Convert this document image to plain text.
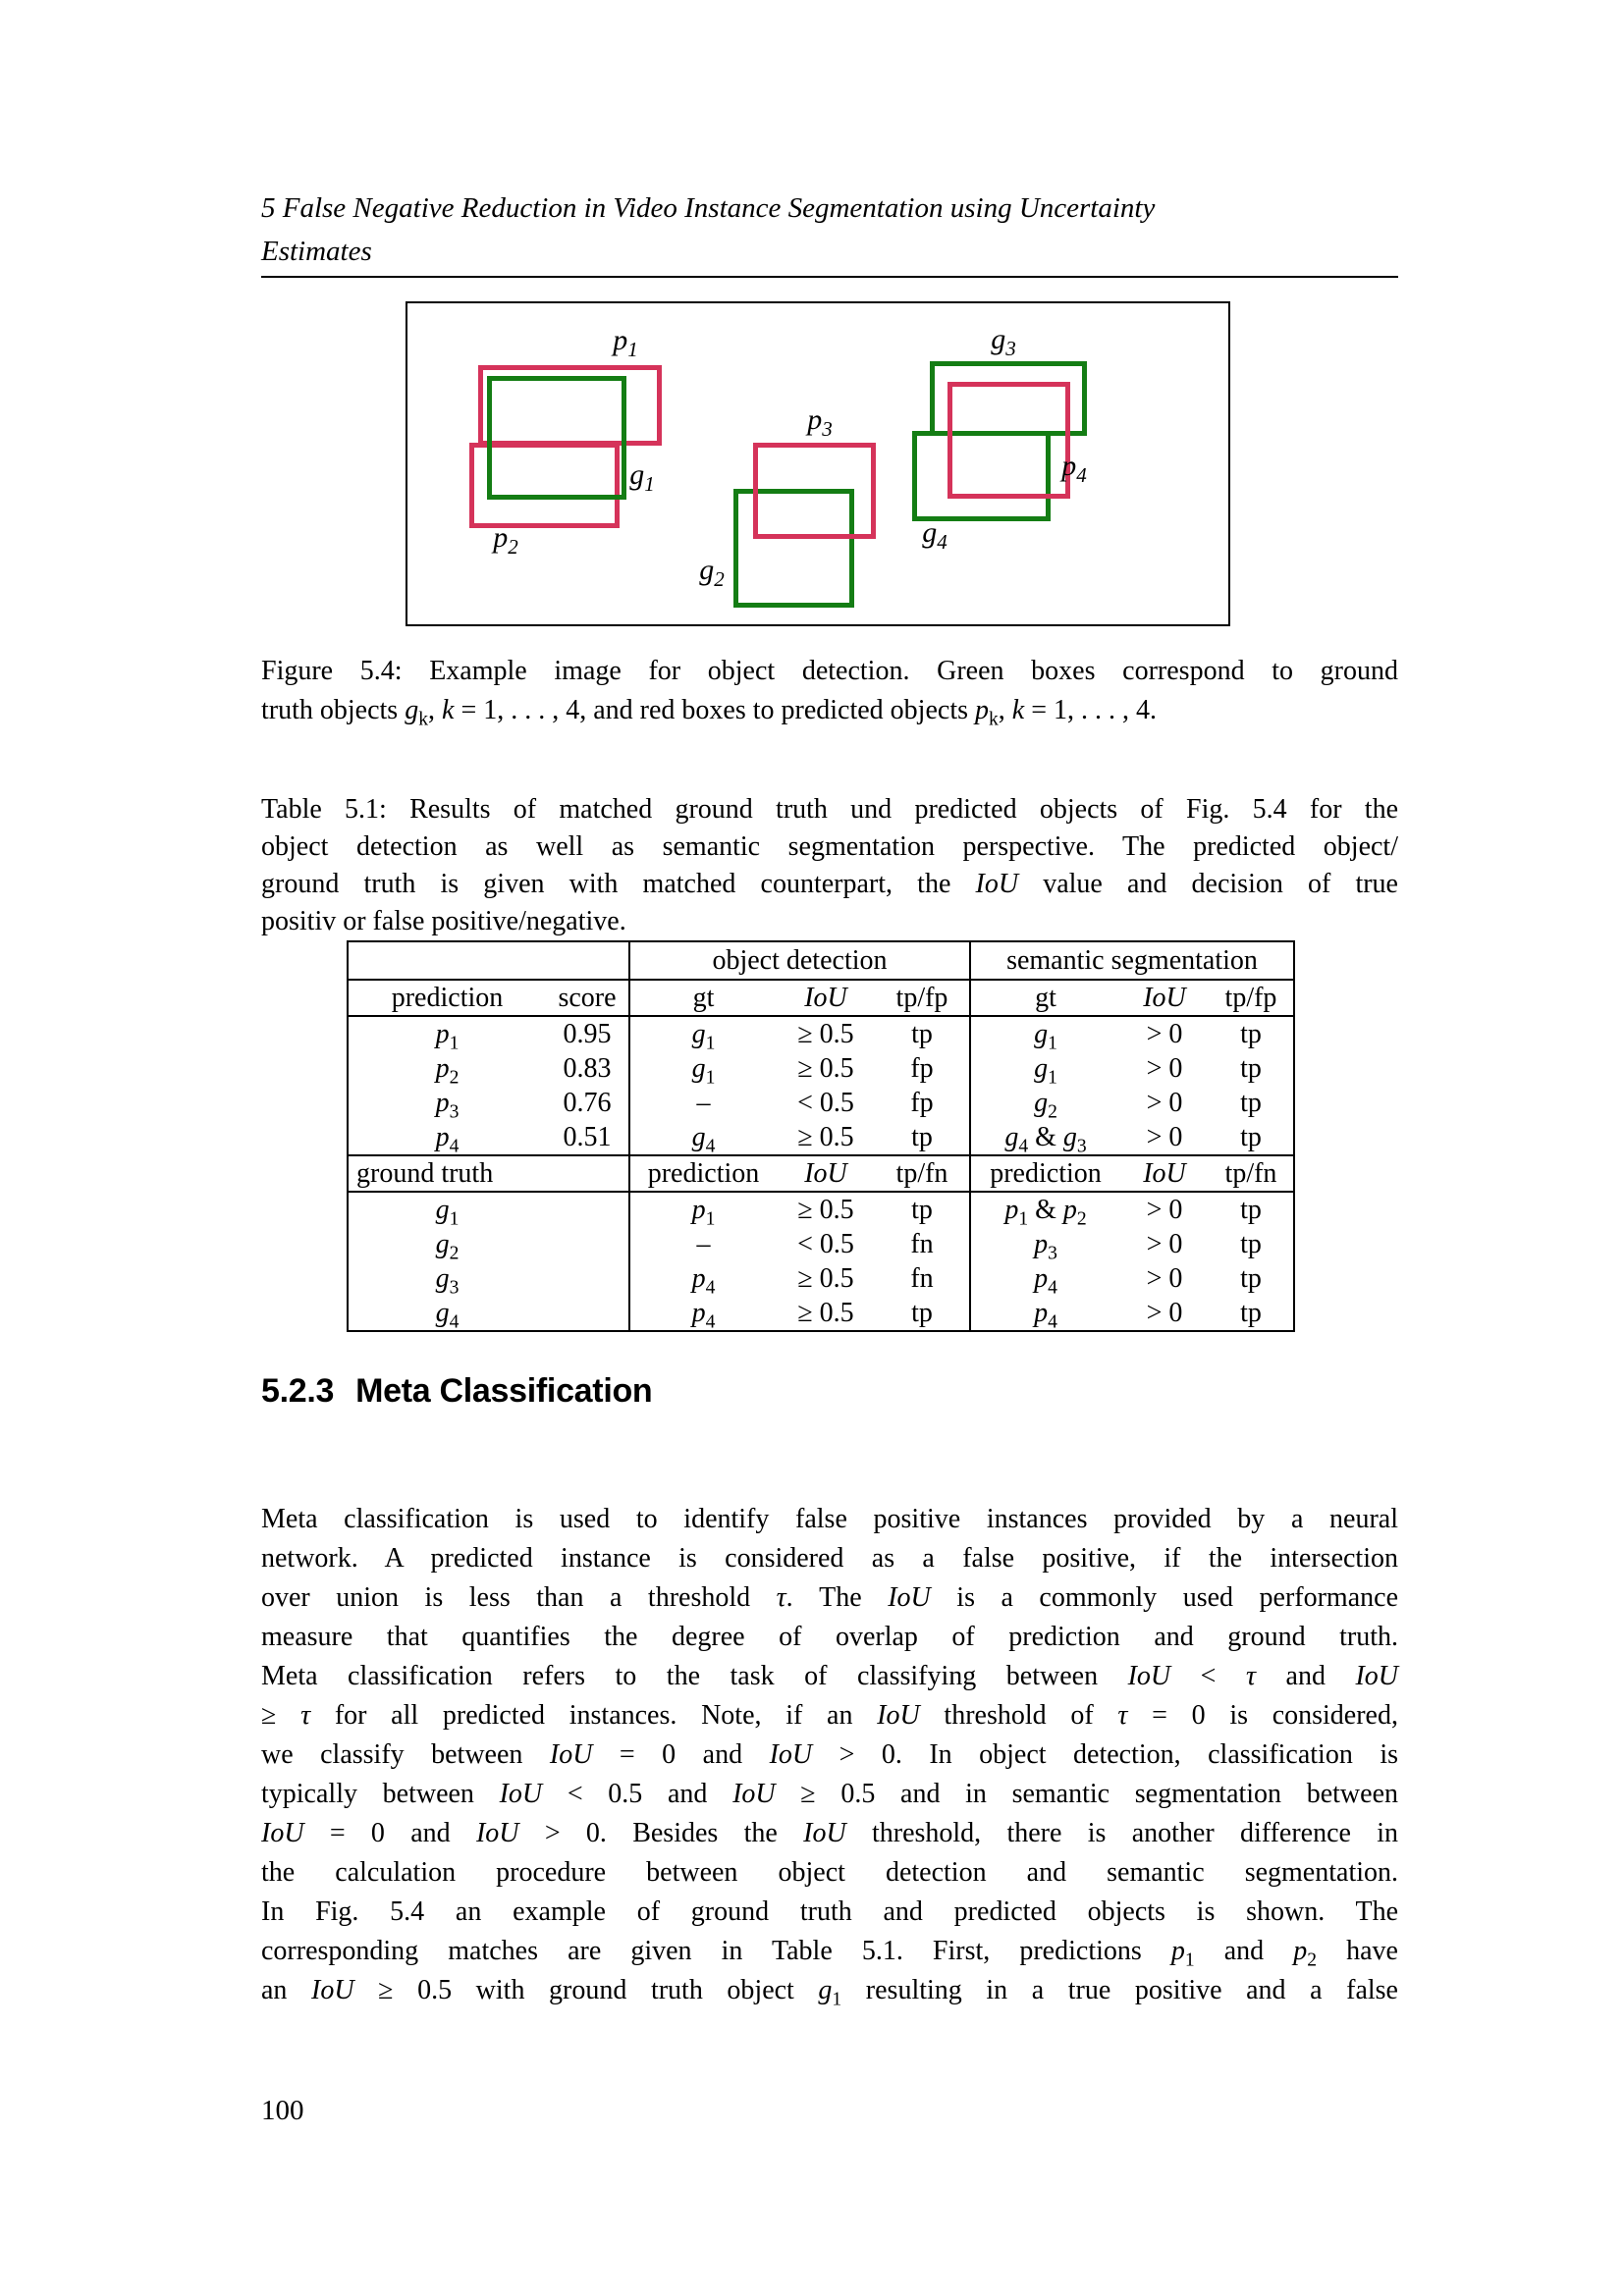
5 False Negative Reduction in Video Instance Segmentation using Uncertainty
Estimates
$p_1$
$g_1$
$p_2$
$p_3$
$g_2$
$g_3$
$p_4$
$g_4$
Figure 5.4: Example image for object detection. Green boxes correspond to ground
truth objects $g_k$, k = 1, . . . , 4, and red boxes to predicted objects $p_k$, k = 1, . . . , 4.
Table 5.1: Results of matched ground truth und predicted objects of Fig. 5.4 for the
object detection as well as semantic segmentation perspective. The predicted object/
ground truth is given with matched counterpart, the IoU value and decision of true
positiv or false positive/negative.
		object detection			semantic segmentation		
prediction	score	gt	IoU	tp/fp	gt	IoU	tp/fp
$p_1$	0.95	$g_1$	≥ 0.5	tp	$g_1$	> 0	tp
$p_2$	0.83	$g_1$	≥ 0.5	fp	$g_1$	> 0	tp
$p_3$	0.76	–	< 0.5	fp	$g_2$	> 0	tp
$p_4$	0.51	$g_4$	≥ 0.5	tp	$g_4$ & $g_3$	> 0	tp
ground truth		prediction	IoU	tp/fn	prediction	IoU	tp/fn
$g_1$		$p_1$	≥ 0.5	tp	$p_1$ & $p_2$	> 0	tp
$g_2$		–	< 0.5	fn	$p_3$	> 0	tp
$g_3$		$p_4$	≥ 0.5	fn	$p_4$	> 0	tp
$g_4$		$p_4$	≥ 0.5	tp	$p_4$	> 0	tp
5.2.3 Meta Classification
Meta classification is used to identify false positive instances provided by a neural
network. A predicted instance is considered as a false positive, if the intersection
over union is less than a threshold τ. The IoU is a commonly used performance
measure that quantifies the degree of overlap of prediction and ground truth.
Meta classification refers to the task of classifying between IoU < τ and IoU
≥ τ for all predicted instances. Note, if an IoU threshold of τ = 0 is considered,
we classify between IoU = 0 and IoU > 0. In object detection, classification is
typically between IoU < 0.5 and IoU ≥ 0.5 and in semantic segmentation between
IoU = 0 and IoU > 0. Besides the IoU threshold, there is another difference in
the calculation procedure between object detection and semantic segmentation.
In Fig. 5.4 an example of ground truth and predicted objects is shown. The
corresponding matches are given in Table 5.1. First, predictions $p_1$ and $p_2$ have
an IoU ≥ 0.5 with ground truth object $g_1$ resulting in a true positive and a false
100
